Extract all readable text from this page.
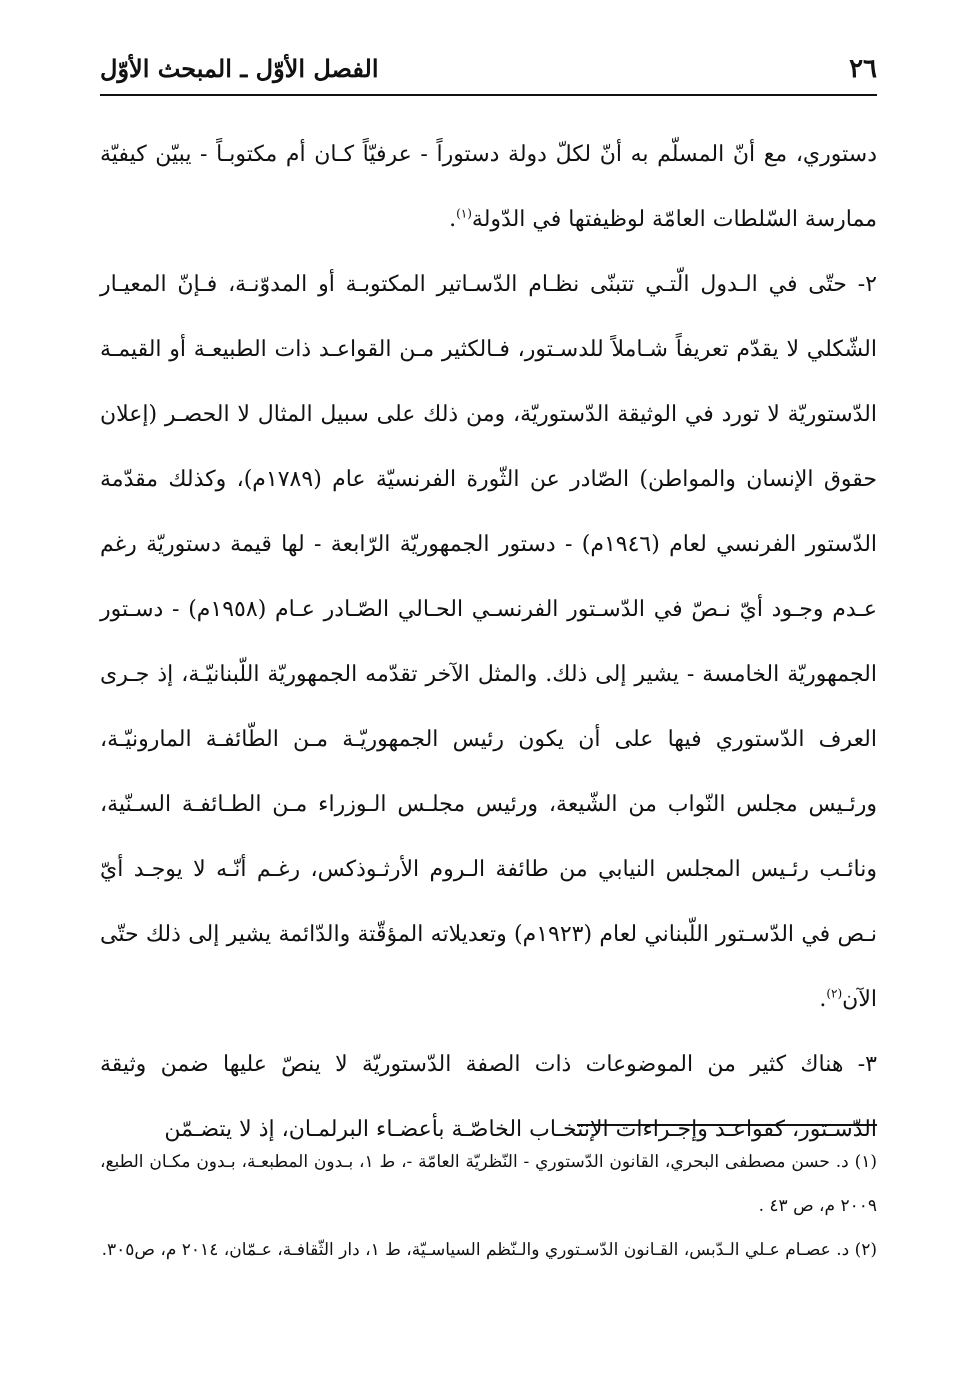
٢٦
الفصل الأوّل ـ المبحث الأوّل

دستوري، مع أنّ المسلّم به أنّ لكلّ دولة دستوراً - عرفيّاً كـان أم مكتوبـاً - يبيّن كيفيّة ممارسة السّلطات العامّة لوظيفتها في الدّولة$^{(١)}$.

٢- حتّى في الـدول الّتـي تتبنّى نظـام الدّسـاتير المكتوبـة أو المدوّنـة، فـإنّ المعيـار الشّكلي لا يقدّم تعريفاً شـاملاً للدسـتور، فـالكثير مـن القواعـد ذات الطبيعـة أو القيمـة الدّستوريّة لا تورد في الوثيقة الدّستوريّة، ومن ذلك على سبيل المثال لا الحصـر (إعلان حقوق الإنسان والمواطن) الصّادر عن الثّورة الفرنسيّة عام (١٧٨٩م)، وكذلك مقدّمة الدّستور الفرنسي لعام (١٩٤٦م) - دستور الجمهوريّة الرّابعة - لها قيمة دستوريّة رغم عـدم وجـود أيّ نـصّ في الدّسـتور الفرنسـي الحـالي الصّـادر عـام (١٩٥٨م) - دسـتور الجمهوريّة الخامسة - يشير إلى ذلك. والمثل الآخر تقدّمه الجمهوريّة اللّبنانيّـة، إذ جـرى العرف الدّستوري فيها على أن يكون رئيس الجمهوريّـة مـن الطّائفـة المارونيّـة، ورئـيس مجلس النّواب من الشّيعة، ورئيس مجلـس الـوزراء مـن الطـائفـة السـنّية، ونائـب رئـيس المجلس النيابي من طائفة الـروم الأرثـوذكس، رغـم أنّـه لا يوجـد أيّ نـص في الدّسـتور اللّبناني لعام (١٩٢٣م) وتعديلاته المؤقّتة والدّائمة يشير إلى ذلك حتّى الآن$^{(٢)}$.

٣- هناك كثير من الموضوعات ذات الصفة الدّستوريّة لا ينصّ عليها ضمن وثيقة الدّسـتور، كقواعـد وإجـراءات الإنتخـاب الخاصّـة بأعضـاء البرلمـان، إذ لا يتضـمّن

(١) د. حسن مصطفى البحري، القانون الدّستوري - النّظريّة العامّة -، ط ١، بـدون المطبعـة، بـدون مكـان الطبع، ٢٠٠٩ م، ص ٤٣ .

(٢) د. عصـام عـلي الـدّبس، القـانون الدّسـتوري والـنّظم السياسـيّة، ط ١، دار الثّقافـة، عـمّان، ٢٠١٤ م، ص٣٠٥.
